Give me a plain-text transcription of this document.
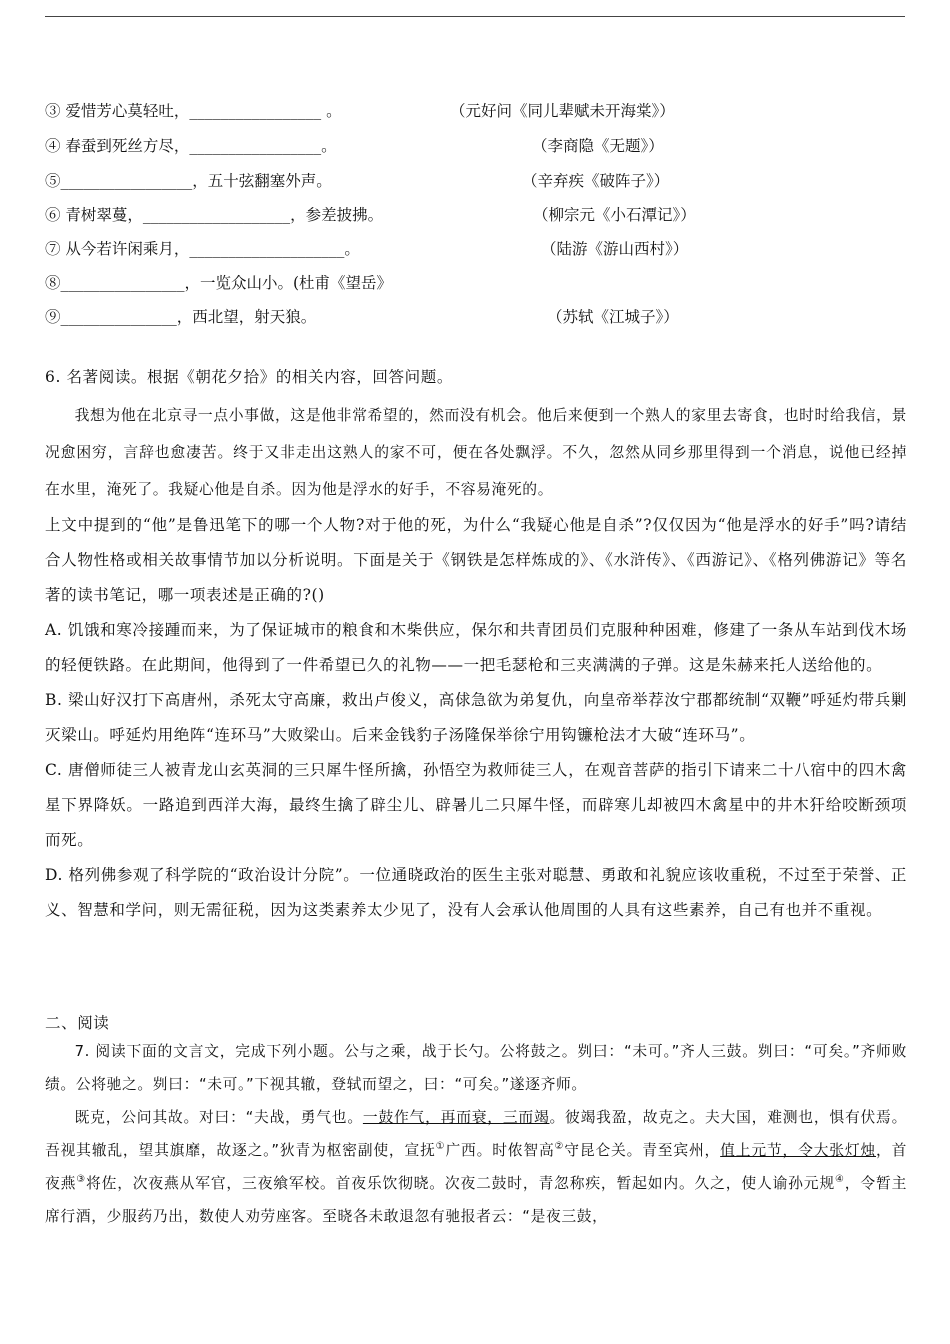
③ 爱惜芳心莫轻吐，_________________ 。	（元好问《同儿辈赋未开海棠》）
④ 春蚕到死丝方尽，_________________。	（李商隐《无题》）
⑤_________________，五十弦翻塞外声。	（辛弃疾《破阵子》）
⑥ 青树翠蔓，___________________，参差披拂。	（柳宗元《小石潭记》）
⑦ 从今若许闲乘月，____________________。	（陆游《游山西村》）
⑧________________，一览众山小。(杜甫《望岳》
⑨_______________，西北望，射天狼。	（苏轼《江城子》）
6. 名著阅读。根据《朝花夕拾》的相关内容，回答问题。

我想为他在北京寻一点小事做，这是他非常希望的，然而没有机会。他后来便到一个熟人的家里去寄食，也时时给我信，景况愈困穷，言辞也愈凄苦。终于又非走出这熟人的家不可，便在各处飘浮。不久，忽然从同乡那里得到一个消息，说他已经掉在水里，淹死了。我疑心他是自杀。因为他是浮水的好手，不容易淹死的。

上文中提到的“他”是鲁迅笔下的哪一个人物?对于他的死，为什么“我疑心他是自杀”?仅仅因为“他是浮水的好手”吗?请结合人物性格或相关故事情节加以分析说明。下面是关于《钢铁是怎样炼成的》、《水浒传》、《西游记》、《格列佛游记》等名著的读书笔记，哪一项表述是正确的?()

A. 饥饿和寒冷接踵而来，为了保证城市的粮食和木柴供应，保尔和共青团员们克服种种困难，修建了一条从车站到伐木场的轻便铁路。在此期间，他得到了一件希望已久的礼物——一把毛瑟枪和三夹满满的子弹。这是朱赫来托人送给他的。

B. 梁山好汉打下高唐州，杀死太守高廉，救出卢俊义，高俅急欲为弟复仇，向皇帝举荐汝宁郡都统制“双鞭”呼延灼带兵剿灭梁山。呼延灼用绝阵“连环马”大败梁山。后来金钱豹子汤隆保举徐宁用钩镰枪法才大破“连环马”。

C. 唐僧师徒三人被青龙山玄英洞的三只犀牛怪所擒，孙悟空为救师徒三人，在观音菩萨的指引下请来二十八宿中的四木禽星下界降妖。一路追到西洋大海，最终生擒了辟尘儿、辟暑儿二只犀牛怪，而辟寒儿却被四木禽星中的井木犴给咬断颈项而死。

D. 格列佛参观了科学院的“政治设计分院”。一位通晓政治的医生主张对聪慧、勇敢和礼貌应该收重税，不过至于荣誉、正义、智慧和学问，则无需征税，因为这类素养太少见了，没有人会承认他周围的人具有这些素养，自己有也并不重视。

二、阅读

7. 阅读下面的文言文，完成下列小题。公与之乘，战于长勺。公将鼓之。刿曰：“未可。”齐人三鼓。刿曰：“可矣。”齐师败绩。公将驰之。刿曰：“未可。”下视其辙，登轼而望之，曰：“可矣。”遂逐齐师。

既克，公问其故。对曰：“夫战，勇气也。一鼓作气，再而衰，三而竭。彼竭我盈，故克之。夫大国，难测也，惧有伏焉。吾视其辙乱，望其旗靡，故逐之。”狄青为枢密副使，宣抚①广西。时侬智高②守昆仑关。青至宾州，值上元节，令大张灯烛，首夜燕③将佐，次夜燕从军官，三夜飨军校。首夜乐饮彻晓。次夜二鼓时，青忽称疾，暂起如内。久之，使人谕孙元规④，令暂主席行酒，少服药乃出，数使人劝劳座客。至晓各未敢退忽有驰报者云：“是夜三鼓，
